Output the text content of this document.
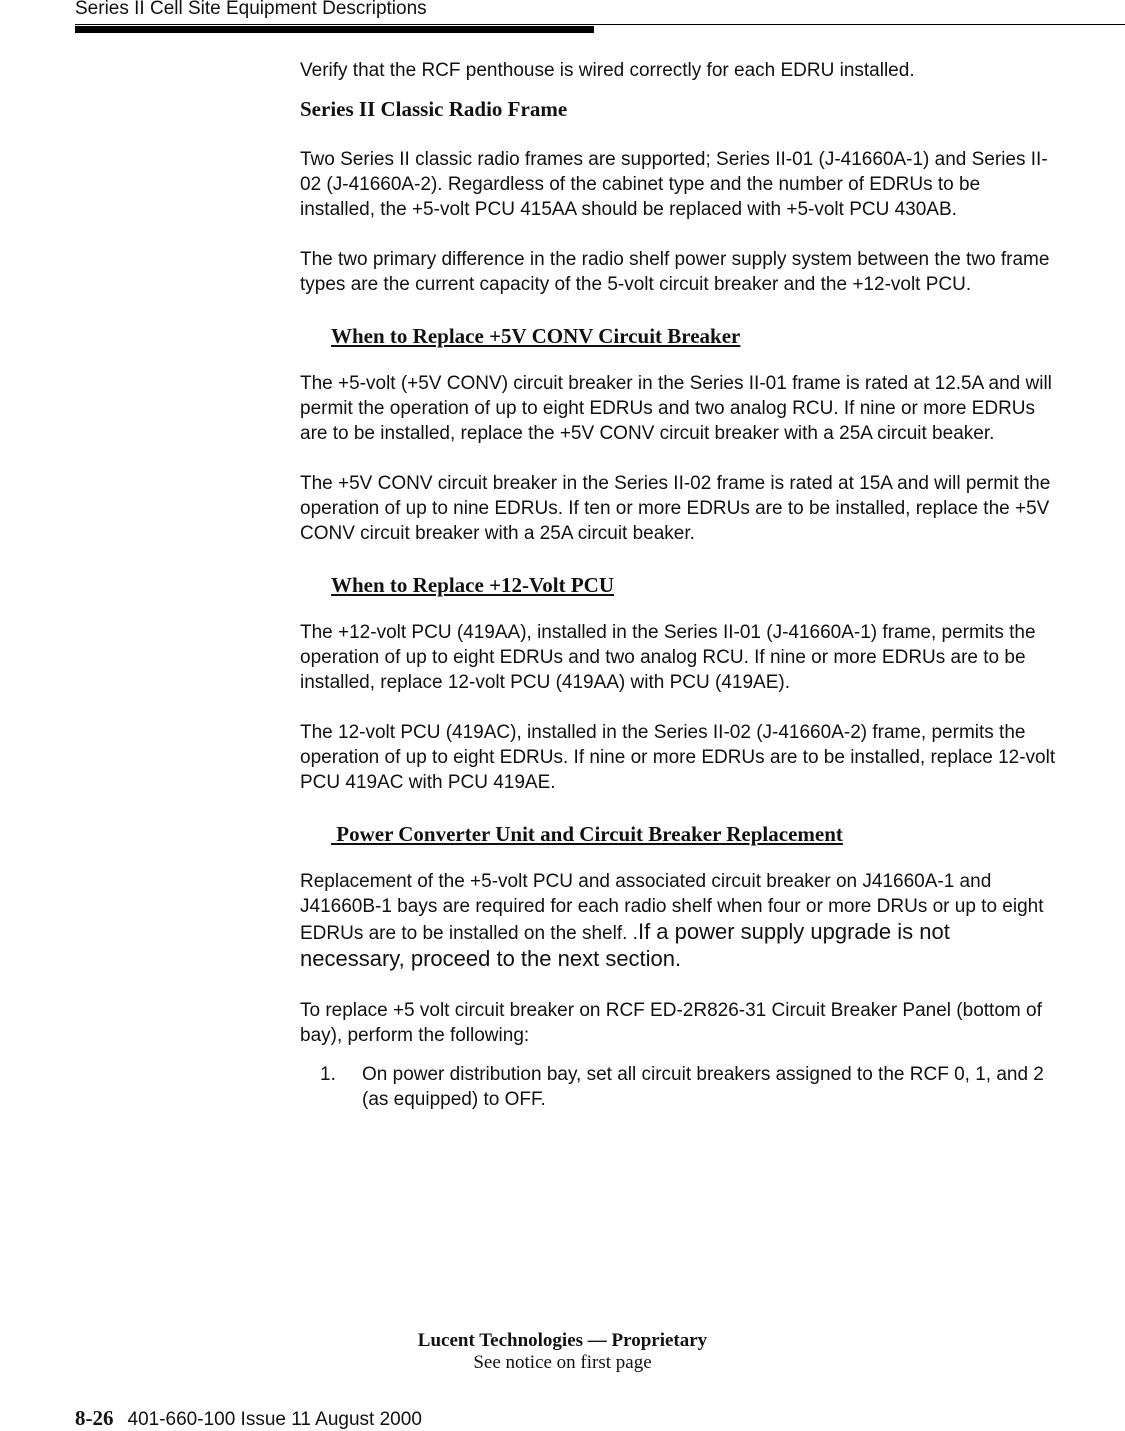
Series II Cell Site Equipment Descriptions

Verify that the RCF penthouse is wired correctly for each EDRU installed.

Series II Classic Radio Frame

Two Series II classic radio frames are supported; Series II-01 (J-41660A-1) and Series II-02 (J-41660A-2). Regardless of the cabinet type and the number of EDRUs to be installed, the +5-volt PCU 415AA should be replaced with +5-volt PCU 430AB.

The two primary difference in the radio shelf power supply system between the two frame types are the current capacity of the 5-volt circuit breaker and the +12-volt PCU.

When to Replace +5V CONV Circuit Breaker

The +5-volt (+5V CONV) circuit breaker in the Series II-01 frame is rated at 12.5A and will permit the operation of up to eight EDRUs and two analog RCU. If nine or more EDRUs are to be installed, replace the +5V CONV circuit breaker with a 25A circuit beaker.

The +5V CONV circuit breaker in the Series II-02 frame is rated at 15A and will permit the operation of up to nine EDRUs. If ten or more EDRUs are to be installed, replace the +5V CONV circuit breaker with a 25A circuit beaker.

When to Replace +12-Volt PCU

The +12-volt PCU (419AA), installed in the Series II-01 (J-41660A-1) frame, permits the operation of up to eight EDRUs and two analog RCU. If nine or more EDRUs are to be installed, replace 12-volt PCU (419AA) with PCU (419AE).

The 12-volt PCU (419AC), installed in the Series II-02 (J-41660A-2) frame, permits the operation of up to eight EDRUs. If nine or more EDRUs are to be installed, replace 12-volt PCU 419AC with PCU 419AE.

Power Converter Unit and Circuit Breaker Replacement

Replacement of the +5-volt PCU and associated circuit breaker on J41660A-1 and J41660B-1 bays are required for each radio shelf when four or more DRUs or up to eight EDRUs are to be installed on the shelf. .If a power supply upgrade is not necessary, proceed to the next section.

To replace +5 volt circuit breaker on RCF ED-2R826-31 Circuit Breaker Panel (bottom of bay), perform the following:

1.	On power distribution bay, set all circuit breakers assigned to the RCF 0, 1, and 2 (as equipped) to OFF.
Lucent Technologies — Proprietary
See notice on first page
8-26 401-660-100 Issue 11 August 2000
